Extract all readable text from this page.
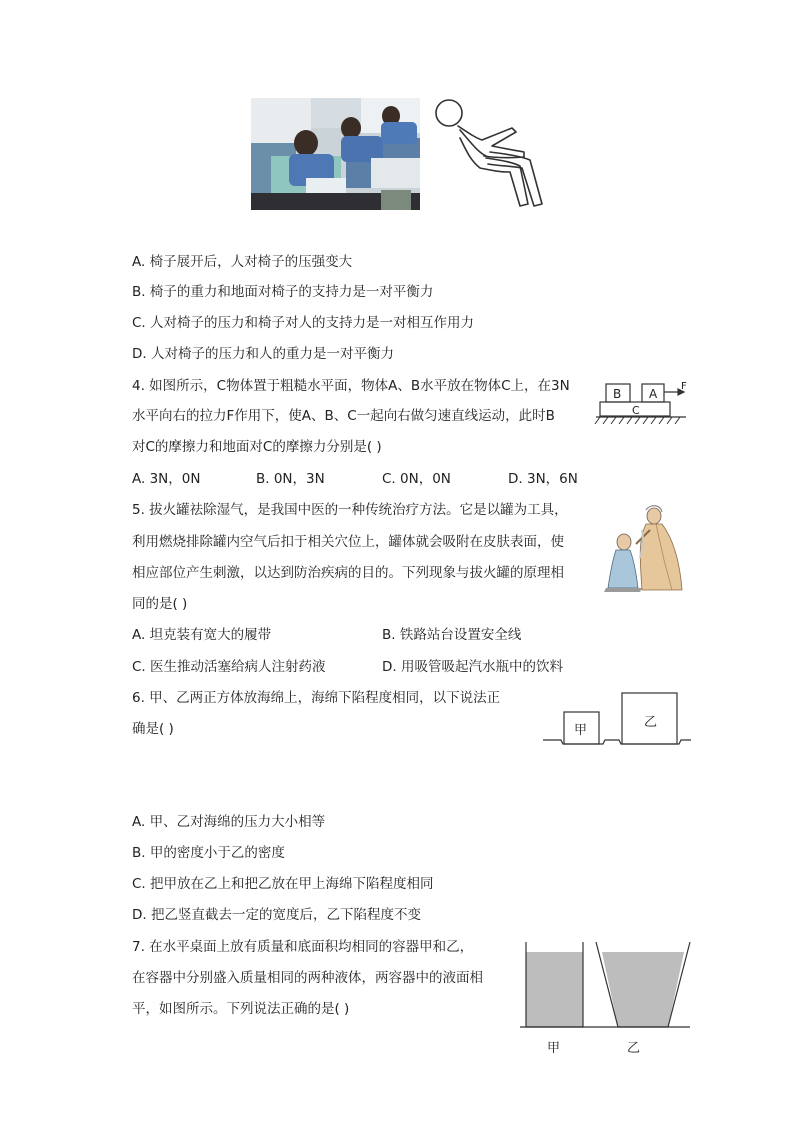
A. 椅子展开后，人对椅子的压强变大
B. 椅子的重力和地面对椅子的支持力是一对平衡力
C. 人对椅子的压力和椅子对人的支持力是一对相互作用力
D. 人对椅子的压力和人的重力是一对平衡力
4. 如图所示，C物体置于粗糙水平面，物体A、B水平放在物体C上，在3N
水平向右的拉力F作用下，使A、B、C一起向右做匀速直线运动，此时B
对C的摩擦力和地面对C的摩擦力分别是( )
B A
C
F
A. 3N，0N	B. 0N，3N	C. 0N，0N	D. 3N，6N
5. 拔火罐祛除湿气，是我国中医的一种传统治疗方法。它是以罐为工具，
利用燃烧排除罐内空气后扣于相关穴位上，罐体就会吸附在皮肤表面，使
相应部位产生刺激，以达到防治疾病的目的。下列现象与拔火罐的原理相
同的是( )
A. 坦克装有宽大的履带	B. 铁路站台设置安全线
C. 医生推动活塞给病人注射药液	D. 用吸管吸起汽水瓶中的饮料
6. 甲、乙两正方体放海绵上，海绵下陷程度相同，以下说法正
确是( )	甲
乙
A. 甲、乙对海绵的压力大小相等
B. 甲的密度小于乙的密度
C. 把甲放在乙上和把乙放在甲上海绵下陷程度相同
D. 把乙竖直截去一定的宽度后，乙下陷程度不变
7. 在水平桌面上放有质量和底面积均相同的容器甲和乙，
在容器中分别盛入质量相同的两种液体，两容器中的液面相
平，如图所示。下列说法正确的是( )
甲	乙
